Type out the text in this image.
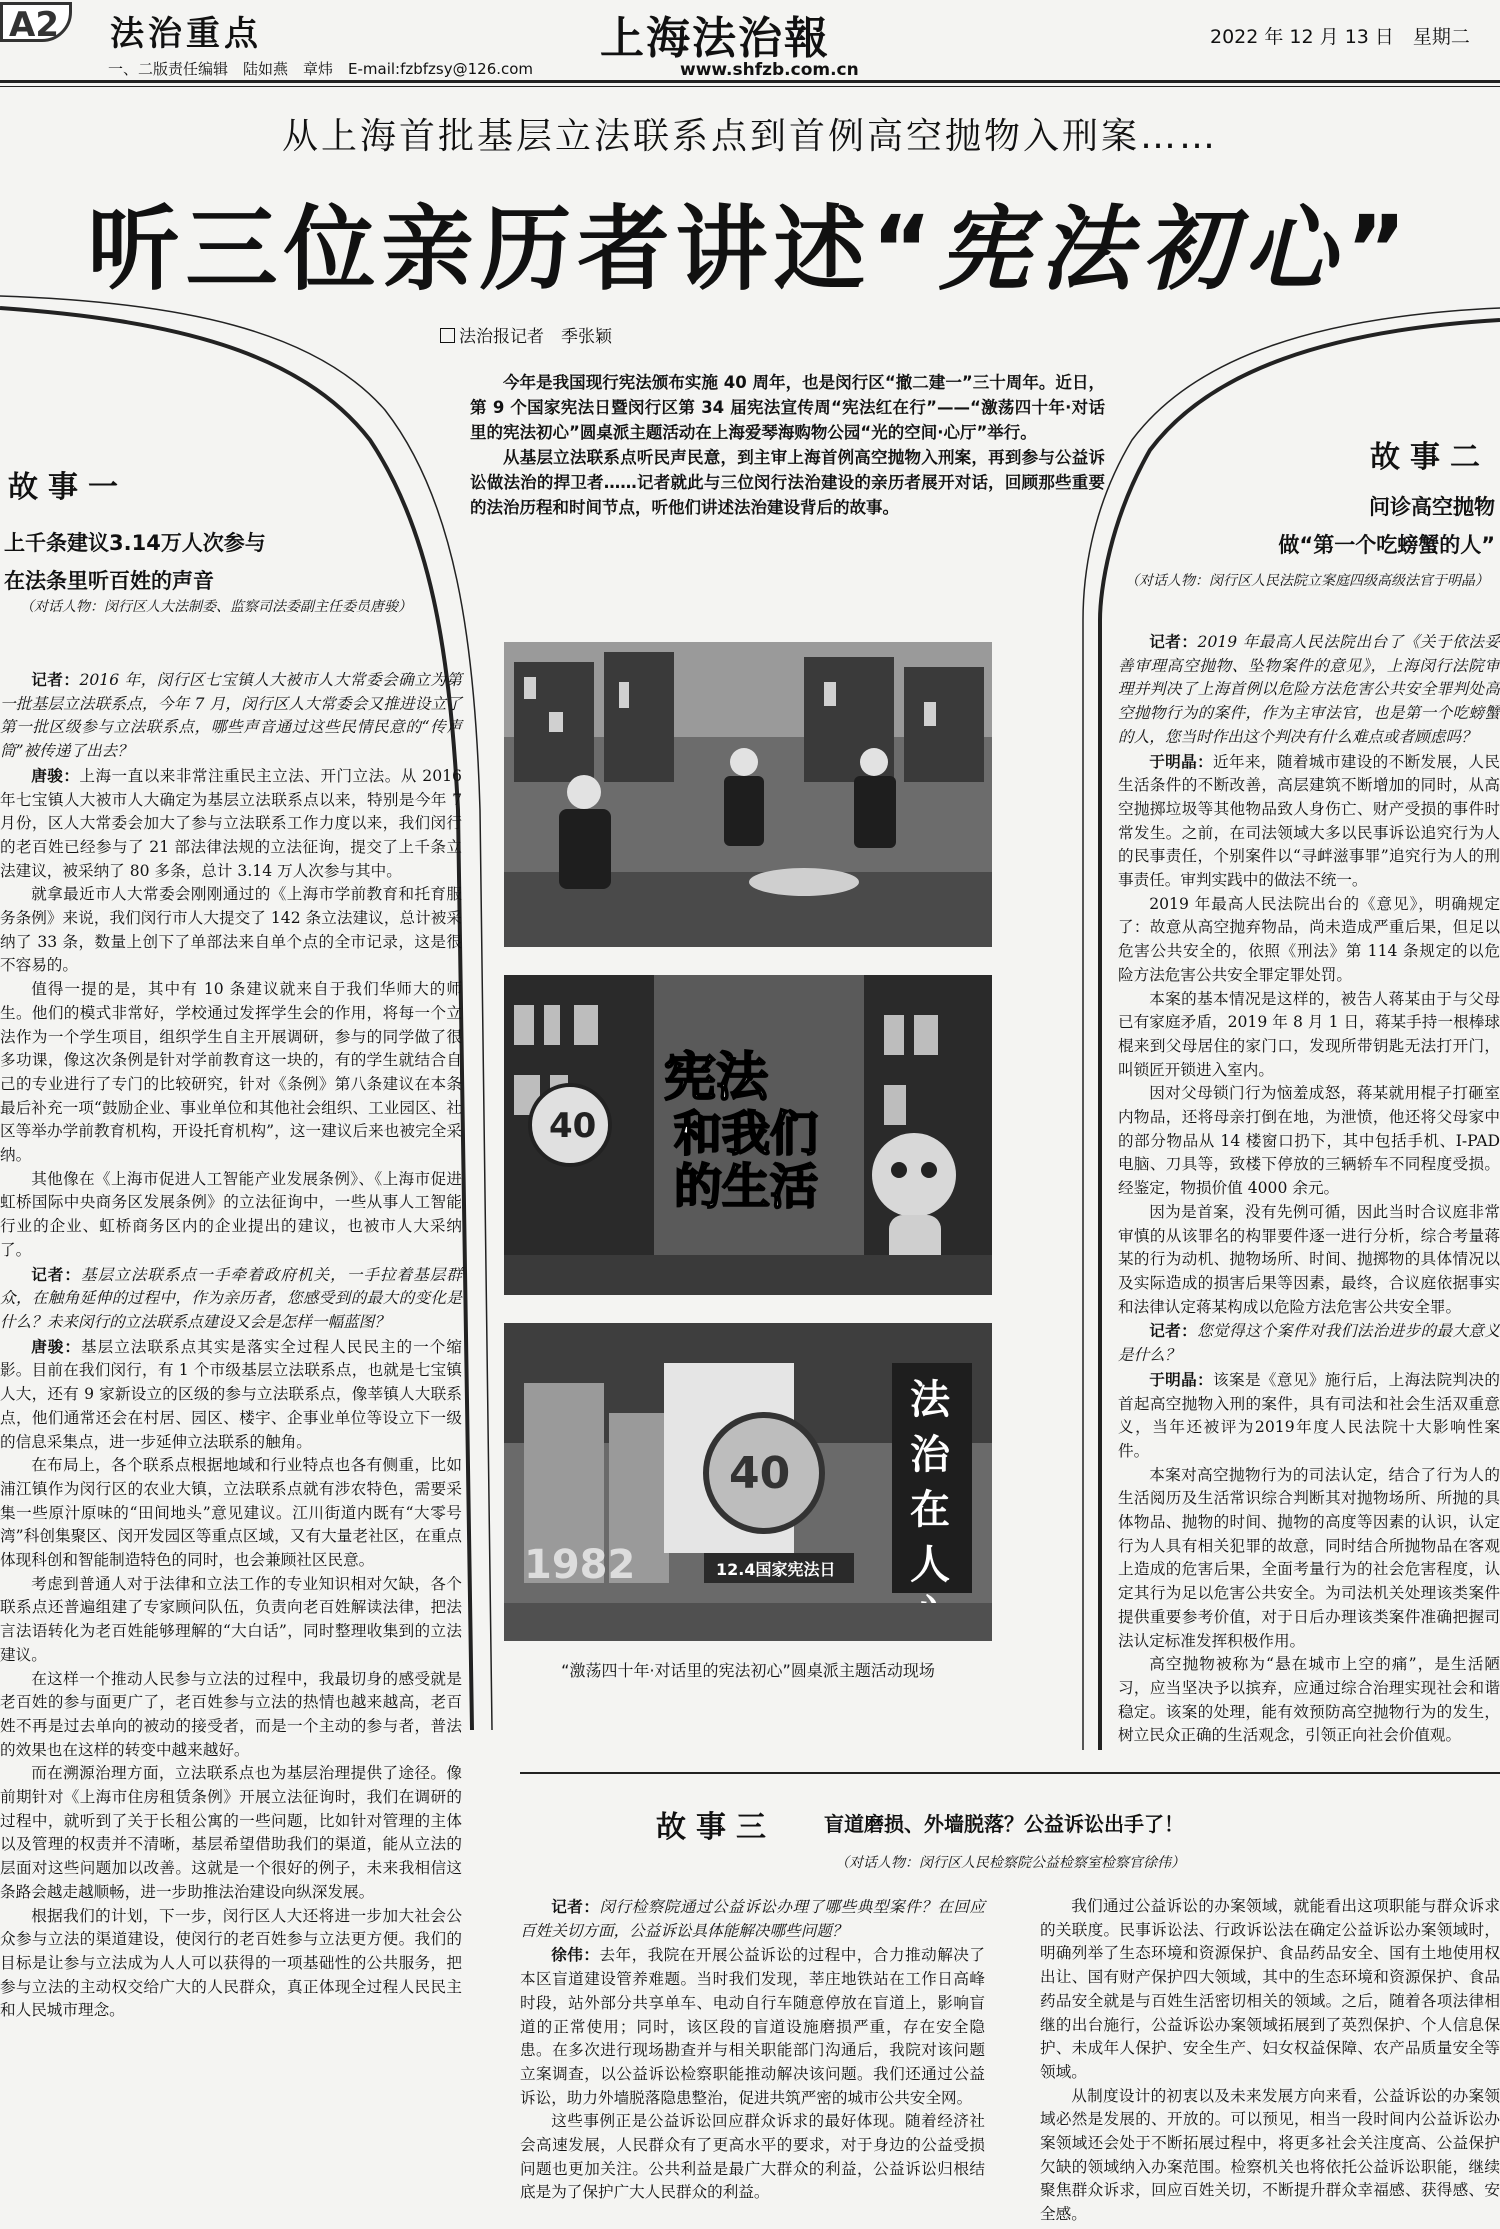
A2	法治重点
一、二版责任编辑　陆如燕　章炜　E-mail:fzbfzsy@126.com
上海法治報
www.shfzb.com.cn
2022 年 12 月 13 日　星期二
从上海首批基层立法联系点到首例高空抛物入刑案……
听三位亲历者讲述“宪法初心”
法治报记者　季张颖

今年是我国现行宪法颁布实施 40 周年，也是闵行区“撤二建一”三十周年。近日，第 9 个国家宪法日暨闵行区第 34 届宪法宣传周“宪法红在行”——“激荡四十年·对话里的宪法初心”圆桌派主题活动在上海爱琴海购物公园“光的空间·心厅”举行。

从基层立法联系点听民声民意，到主审上海首例高空抛物入刑案，再到参与公益诉讼做法治的捍卫者……记者就此与三位闵行法治建设的亲历者展开对话，回顾那些重要的法治历程和时间节点，听他们讲述法治建设背后的故事。

故事一
上千条建议3.14万人次参与
在法条里听百姓的声音
（对话人物：闵行区人大法制委、监察司法委副主任委员唐骏）

记者：2016 年，闵行区七宝镇人大被市人大常委会确立为第一批基层立法联系点，今年 7 月，闵行区人大常委会又推进设立了第一批区级参与立法联系点，哪些声音通过这些民情民意的“传声筒”被传递了出去？

唐骏：上海一直以来非常注重民主立法、开门立法。从 2016 年七宝镇人大被市人大确定为基层立法联系点以来，特别是今年 7 月份，区人大常委会加大了参与立法联系工作力度以来，我们闵行的老百姓已经参与了 21 部法律法规的立法征询，提交了上千条立法建议，被采纳了 80 多条，总计 3.14 万人次参与其中。

就拿最近市人大常委会刚刚通过的《上海市学前教育和托育服务条例》来说，我们闵行市人大提交了 142 条立法建议，总计被采纳了 33 条，数量上创下了单部法来自单个点的全市记录，这是很不容易的。

值得一提的是，其中有 10 条建议就来自于我们华师大的师生。他们的模式非常好，学校通过发挥学生会的作用，将每一个立法作为一个学生项目，组织学生自主开展调研，参与的同学做了很多功课，像这次条例是针对学前教育这一块的，有的学生就结合自己的专业进行了专门的比较研究，针对《条例》第八条建议在本条最后补充一项“鼓励企业、事业单位和其他社会组织、工业园区、社区等举办学前教育机构，开设托育机构”，这一建议后来也被完全采纳。

其他像在《上海市促进人工智能产业发展条例》、《上海市促进虹桥国际中央商务区发展条例》的立法征询中，一些从事人工智能行业的企业、虹桥商务区内的企业提出的建议，也被市人大采纳了。

记者：基层立法联系点一手牵着政府机关，一手拉着基层群众，在触角延伸的过程中，作为亲历者，您感受到的最大的变化是什么？未来闵行的立法联系点建设又会是怎样一幅蓝图？

唐骏：基层立法联系点其实是落实全过程人民民主的一个缩影。目前在我们闵行，有 1 个市级基层立法联系点，也就是七宝镇人大，还有 9 家新设立的区级的参与立法联系点，像莘镇人大联系点，他们通常还会在村居、园区、楼宇、企事业单位等设立下一级的信息采集点，进一步延伸立法联系的触角。

在布局上，各个联系点根据地域和行业特点也各有侧重，比如浦江镇作为闵行区的农业大镇，立法联系点就有涉农特色，需要采集一些原汁原味的“田间地头”意见建议。江川街道内既有“大零号湾”科创集聚区、闵开发园区等重点区域，又有大量老社区，在重点体现科创和智能制造特色的同时，也会兼顾社区民意。

考虑到普通人对于法律和立法工作的专业知识相对欠缺，各个联系点还普遍组建了专家顾问队伍，负责向老百姓解读法律，把法言法语转化为老百姓能够理解的“大白话”，同时整理收集到的立法建议。

在这样一个推动人民参与立法的过程中，我最切身的感受就是老百姓的参与面更广了，老百姓参与立法的热情也越来越高，老百姓不再是过去单向的被动的接受者，而是一个主动的参与者，普法的效果也在这样的转变中越来越好。

而在溯源治理方面，立法联系点也为基层治理提供了途径。像前期针对《上海市住房租赁条例》开展立法征询时，我们在调研的过程中，就听到了关于长租公寓的一些问题，比如针对管理的主体以及管理的权责并不清晰，基层希望借助我们的渠道，能从立法的层面对这些问题加以改善。这就是一个很好的例子，未来我相信这条路会越走越顺畅，进一步助推法治建设向纵深发展。

根据我们的计划，下一步，闵行区人大还将进一步加大社会公众参与立法的渠道建设，使闵行的老百姓参与立法更方便。我们的目标是让参与立法成为人人可以获得的一项基础性的公共服务，把参与立法的主动权交给广大的人民群众，真正体现全过程人民民主和人民城市理念。

故事二
问诊高空抛物
做“第一个吃螃蟹的人”
（对话人物：闵行区人民法院立案庭四级高级法官于明晶）

记者：2019 年最高人民法院出台了《关于依法妥善审理高空抛物、坠物案件的意见》，上海闵行法院审理并判决了上海首例以危险方法危害公共安全罪判处高空抛物行为的案件，作为主审法官，也是第一个吃螃蟹的人，您当时作出这个判决有什么难点或者顾虑吗？

于明晶：近年来，随着城市建设的不断发展，人民生活条件的不断改善，高层建筑不断增加的同时，从高空抛掷垃圾等其他物品致人身伤亡、财产受损的事件时常发生。之前，在司法领域大多以民事诉讼追究行为人的民事责任，个别案件以“寻衅滋事罪”追究行为人的刑事责任。审判实践中的做法不统一。

2019 年最高人民法院出台的《意见》，明确规定了：故意从高空抛弃物品，尚未造成严重后果，但足以危害公共安全的，依照《刑法》第 114 条规定的以危险方法危害公共安全罪定罪处罚。

本案的基本情况是这样的，被告人蒋某由于与父母已有家庭矛盾，2019 年 8 月 1 日，蒋某手持一根棒球棍来到父母居住的家门口，发现所带钥匙无法打开门，叫锁匠开锁进入室内。

因对父母锁门行为恼羞成怒，蒋某就用棍子打砸室内物品，还将母亲打倒在地，为泄愤，他还将父母家中的部分物品从 14 楼窗口扔下，其中包括手机、I-PAD 电脑、刀具等，致楼下停放的三辆轿车不同程度受损。经鉴定，物损价值 4000 余元。

因为是首案，没有先例可循，因此当时合议庭非常审慎的从该罪名的构罪要件逐一进行分析，综合考量蒋某的行为动机、抛物场所、时间、抛掷物的具体情况以及实际造成的损害后果等因素，最终，合议庭依据事实和法律认定蒋某构成以危险方法危害公共安全罪。

记者：您觉得这个案件对我们法治进步的最大意义是什么？

于明晶：该案是《意见》施行后，上海法院判决的首起高空抛物入刑的案件，具有司法和社会生活双重意义，当年还被评为2019年度人民法院十大影响性案件。

本案对高空抛物行为的司法认定，结合了行为人的生活阅历及生活常识综合判断其对抛物场所、所抛的具体物品、抛物的时间、抛物的高度等因素的认识，认定行为人具有相关犯罪的故意，同时结合所抛物品在客观上造成的危害后果，全面考量行为的社会危害程度，认定其行为足以危害公共安全。为司法机关处理该类案件提供重要参考价值，对于日后办理该类案件准确把握司法认定标准发挥积极作用。

高空抛物被称为“悬在城市上空的痛”，是生活陋习，应当坚决予以摈弃，应通过综合治理实现社会和谐稳定。该案的处理，能有效预防高空抛物行为的发生，树立民众正确的生活观念，引领正向社会价值观。

40
宪法
和我们
的生活
1982
40
12.4国家宪法日
法
治
在
人
“激荡四十年·对话里的宪法初心”圆桌派主题活动现场
故事三 盲道磨损、外墙脱落？公益诉讼出手了！
（对话人物：闵行区人民检察院公益检察室检察官徐伟）

记者：闵行检察院通过公益诉讼办理了哪些典型案件？在回应百姓关切方面，公益诉讼具体能解决哪些问题？

徐伟：去年，我院在开展公益诉讼的过程中，合力推动解决了本区盲道建设管养难题。当时我们发现，莘庄地铁站在工作日高峰时段，站外部分共享单车、电动自行车随意停放在盲道上，影响盲道的正常使用；同时，该区段的盲道设施磨损严重，存在安全隐患。在多次进行现场勘查并与相关职能部门沟通后，我院对该问题立案调查，以公益诉讼检察职能推动解决该问题。我们还通过公益诉讼，助力外墙脱落隐患整治，促进共筑严密的城市公共安全网。

这些事例正是公益诉讼回应群众诉求的最好体现。随着经济社会高速发展，人民群众有了更高水平的要求，对于身边的公益受损问题也更加关注。公共利益是最广大群众的利益，公益诉讼归根结底是为了保护广大人民群众的利益。

我们通过公益诉讼的办案领域，就能看出这项职能与群众诉求的关联度。民事诉讼法、行政诉讼法在确定公益诉讼办案领域时，明确列举了生态环境和资源保护、食品药品安全、国有土地使用权出让、国有财产保护四大领域，其中的生态环境和资源保护、食品药品安全就是与百姓生活密切相关的领域。之后，随着各项法律相继的出台施行，公益诉讼办案领域拓展到了英烈保护、个人信息保护、未成年人保护、安全生产、妇女权益保障、农产品质量安全等领域。

从制度设计的初衷以及未来发展方向来看，公益诉讼的办案领域必然是发展的、开放的。可以预见，相当一段时间内公益诉讼办案领域还会处于不断拓展过程中，将更多社会关注度高、公益保护欠缺的领域纳入办案范围。检察机关也将依托公益诉讼职能，继续聚焦群众诉求，回应百姓关切，不断提升群众幸福感、获得感、安全感。
